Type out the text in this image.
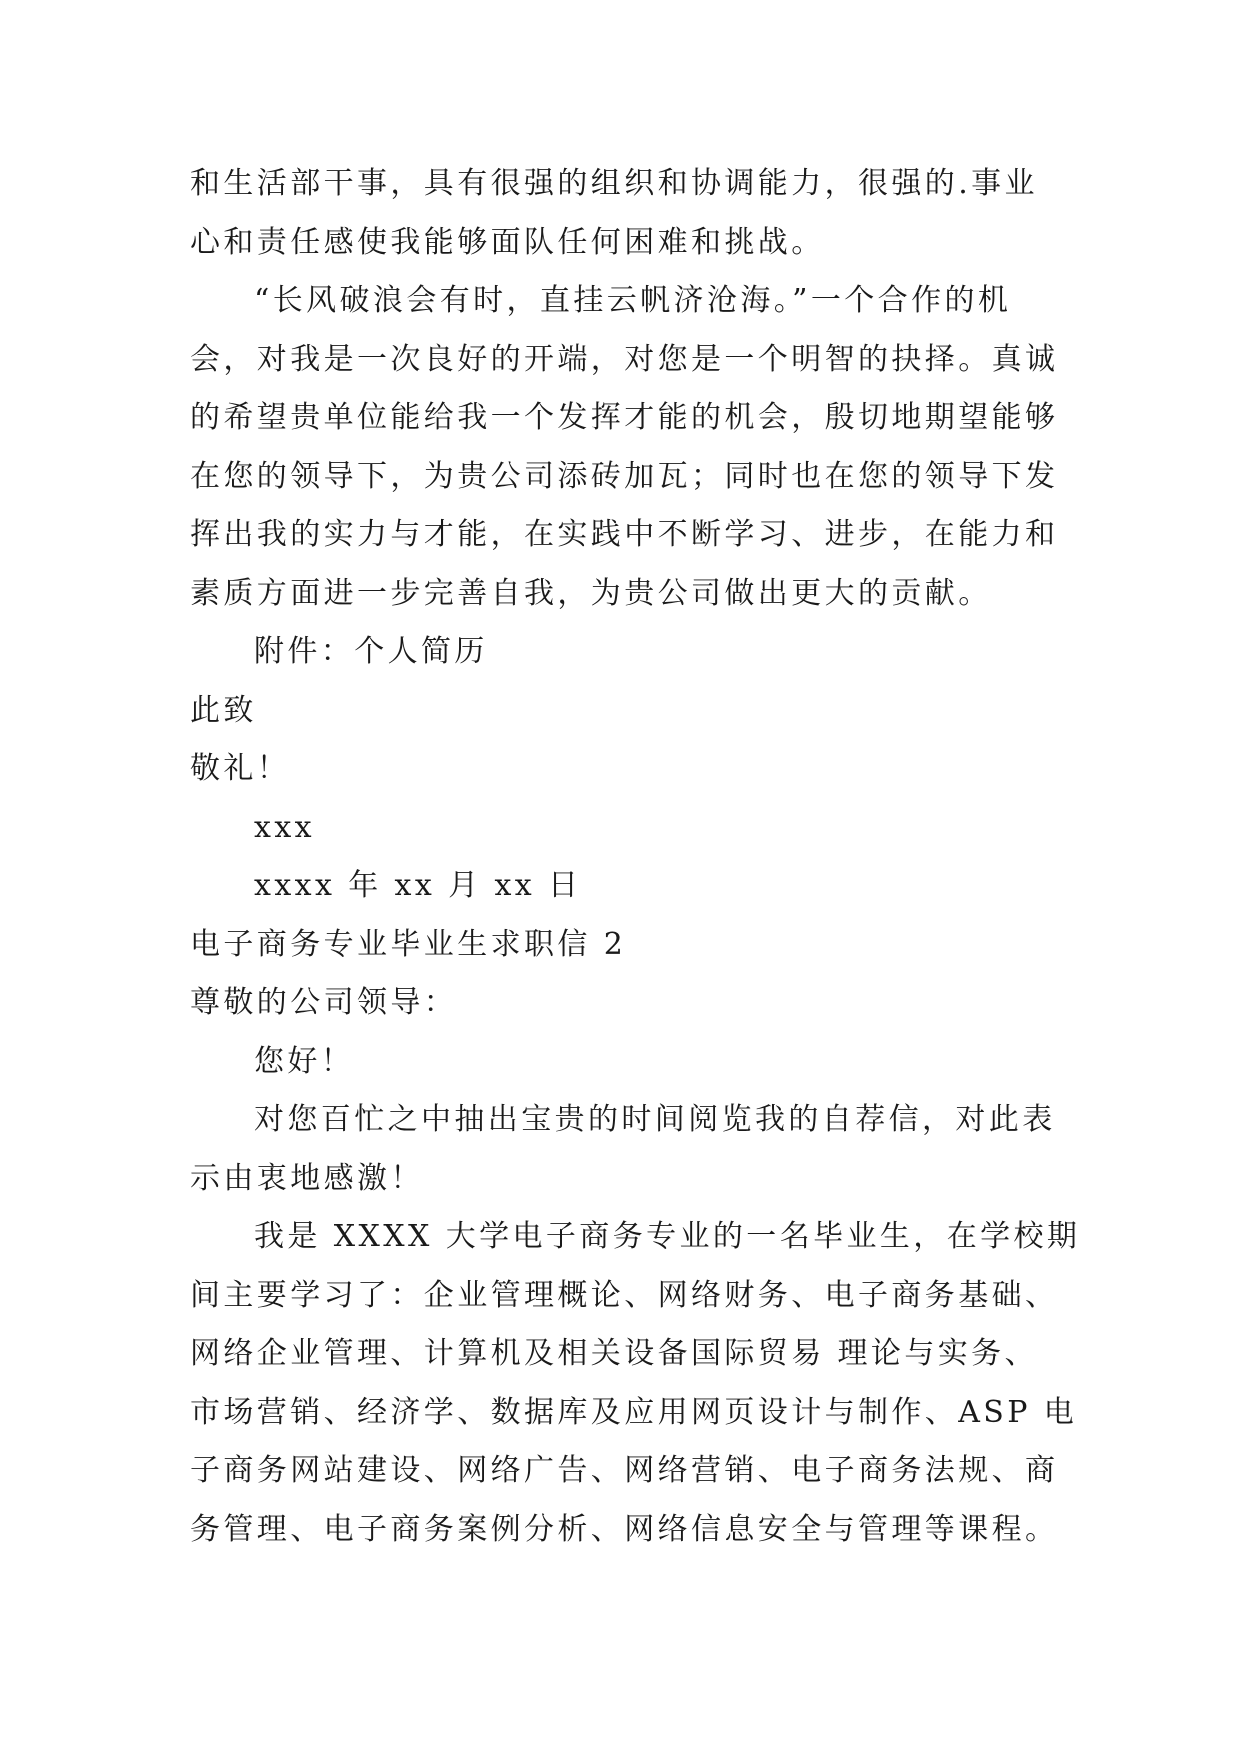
和生活部干事，具有很强的组织和协调能力，很强的.事业
心和责任感使我能够面队任何困难和挑战。
“长风破浪会有时，直挂云帆济沧海。”一个合作的机
会，对我是一次良好的开端，对您是一个明智的抉择。真诚
的希望贵单位能给我一个发挥才能的机会，殷切地期望能够
在您的领导下，为贵公司添砖加瓦；同时也在您的领导下发
挥出我的实力与才能，在实践中不断学习、进步，在能力和
素质方面进一步完善自我，为贵公司做出更大的贡献。
附件：个人简历
此致
敬礼！
xxx
xxxx 年 xx 月 xx 日
电子商务专业毕业生求职信 2
尊敬的公司领导：
您好！
对您百忙之中抽出宝贵的时间阅览我的自荐信，对此表
示由衷地感激！
我是 XXXX 大学电子商务专业的一名毕业生，在学校期
间主要学习了：企业管理概论、网络财务、电子商务基础、
网络企业管理、计算机及相关设备国际贸易 理论与实务、
市场营销、经济学、数据库及应用网页设计与制作、ASP 电
子商务网站建设、网络广告、网络营销、电子商务法规、商
务管理、电子商务案例分析、网络信息安全与管理等课程。
